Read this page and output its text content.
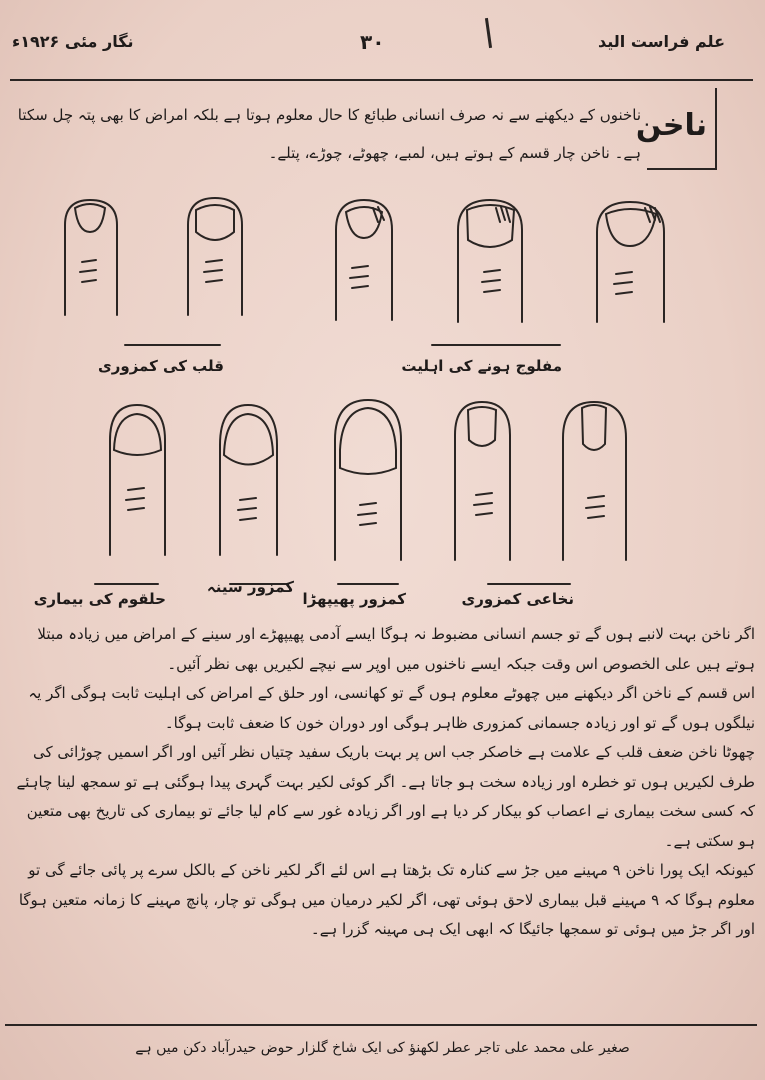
علم فراست الید
۳۰
نگار مئی ۱۹۲۶ء
ناخن
ناخنوں کے دیکھنے سے نہ صرف انسانی طبائع کا حال معلوم ہوتا ہے بلکہ امراض کا بھی پتہ چل سکتا ہے۔ ناخن چار قسم کے ہوتے ہیں، لمبے، چھوٹے، چوڑے، پتلے۔
قلب کی کمزوری	مفلوج ہونے کی اہلیت
حلقوم کی بیماری
کمزور سینہ
کمزور پھیپھڑا	نخاعی کمزوری

اگر ناخن بہت لانبے ہوں گے تو جسم انسانی مضبوط نہ ہوگا ایسے آدمی پھیپھڑے اور سینے کے امراض میں زیادہ مبتلا ہوتے ہیں علی الخصوص اس وقت جبکہ ایسے ناخنوں میں اوپر سے نیچے لکیریں بھی نظر آئیں۔

اس قسم کے ناخن اگر دیکھنے میں چھوٹے معلوم ہوں گے تو کھانسی، اور حلق کے امراض کی اہلیت ثابت ہوگی اگر یہ نیلگوں ہوں گے تو اور زیادہ جسمانی کمزوری ظاہر ہوگی اور دوران خون کا ضعف ثابت ہوگا۔

چھوٹا ناخن ضعف قلب کے علامت ہے خاصکر جب اس پر بہت باریک سفید چتیاں نظر آئیں اور اگر اسمیں چوڑائی کی طرف لکیریں ہوں تو خطرہ اور زیادہ سخت ہو جاتا ہے۔ اگر کوئی لکیر بہت گہری پیدا ہوگئی ہے تو سمجھ لینا چاہئے کہ کسی سخت بیماری نے اعصاب کو بیکار کر دیا ہے اور اگر زیادہ غور سے کام لیا جائے تو بیماری کی تاریخ بھی متعین ہو سکتی ہے۔

کیونکہ ایک پورا ناخن ۹ مہینے میں جڑ سے کنارہ تک بڑھتا ہے اس لئے اگر لکیر ناخن کے بالکل سرے پر پائی جائے گی تو معلوم ہوگا کہ ۹ مہینے قبل بیماری لاحق ہوئی تھی، اگر لکیر درمیان میں ہوگی تو چار، پانچ مہینے کا زمانہ متعین ہوگا اور اگر جڑ میں ہوئی تو سمجھا جائیگا کہ ابھی ایک ہی مہینہ گزرا ہے۔

صغیر علی محمد علی تاجر عطر لکھنؤ کی ایک شاخ گلزار حوض حیدرآباد دکن میں ہے
